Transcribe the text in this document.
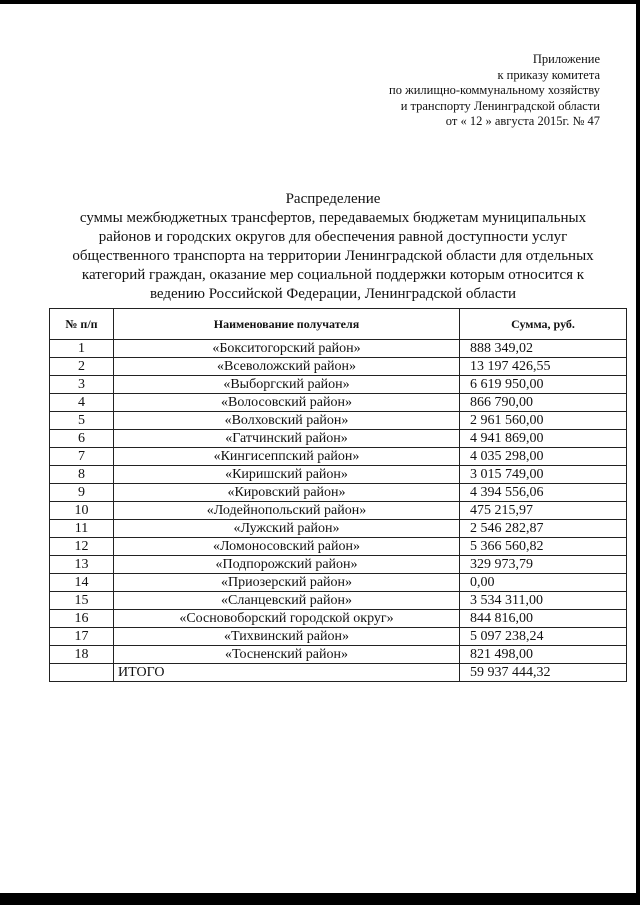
Приложение
к приказу комитета
по жилищно-коммунальному хозяйству
и транспорту Ленинградской области
от « 12 » августа 2015г. № 47
Распределение
суммы межбюджетных трансфертов, передаваемых бюджетам муниципальных
районов и городских округов для обеспечения равной доступности услуг
общественного транспорта на территории Ленинградской области для отдельных
категорий граждан, оказание мер социальной поддержки которым относится к
ведению Российской Федерации, Ленинградской области
№ п/п	Наименование получателя	Сумма, руб.
1	«Бокситогорский район»	888 349,02
2	«Всеволожский район»	13 197 426,55
3	«Выборгский район»	6 619 950,00
4	«Волосовский район»	866 790,00
5	«Волховский район»	2 961 560,00
6	«Гатчинский район»	4 941 869,00
7	«Кингисеппский район»	4 035 298,00
8	«Киришский район»	3 015 749,00
9	«Кировский район»	4 394 556,06
10	«Лодейнопольский район»	475 215,97
11	«Лужский район»	2 546 282,87
12	«Ломоносовский район»	5 366 560,82
13	«Подпорожский район»	329 973,79
14	«Приозерский район»	0,00
15	«Сланцевский район»	3 534 311,00
16	«Сосновоборский городской округ»	844 816,00
17	«Тихвинский район»	5 097 238,24
18	«Тосненский район»	821 498,00
	ИТОГО	59 937 444,32
